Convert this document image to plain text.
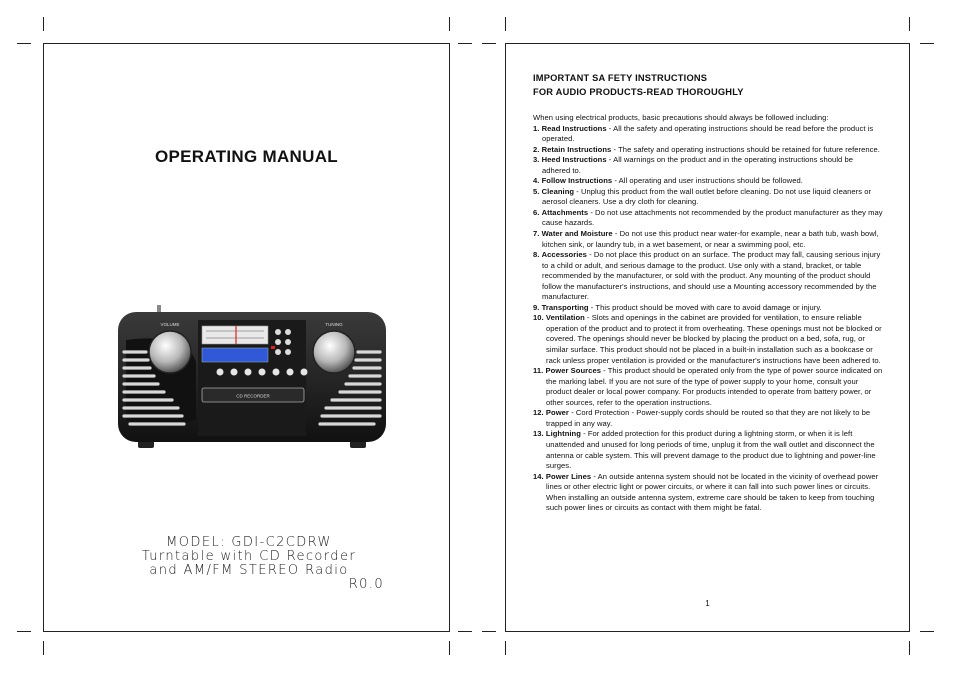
OPERATING MANUAL
VOLUME	TUNING
CD RECORDER
MODEL: GDI-C2CDRW
Turntable with CD Recorder
and AM/FM STEREO Radio
R0.0
IMPORTANT SA FETY INSTRUCTIONS
FOR AUDIO PRODUCTS-READ THOROUGHLY
When using electrical products, basic precautions should always be followed including:
1. Read Instructions - All the safety and operating instructions should be read before the product is operated.
2. Retain Instructions - The safety and operating instructions should be retained for future reference.
3. Heed Instructions - All warnings on the product and in the operating instructions should be adhered to.
4. Follow Instructions - All operating and user instructions should be followed.
5. Cleaning - Unplug this product from the wall outlet before cleaning. Do not use liquid cleaners or aerosol cleaners. Use a dry cloth for cleaning.
6. Attachments - Do not use attachments not recommended by the product manufacturer as they may cause hazards.
7. Water and Moisture - Do not use this product near water-for example, near a bath tub, wash bowl, kitchen sink, or laundry tub, in a wet basement, or near a swimming pool, etc.
8. Accessories - Do not place this product on an surface. The product may fall, causing serious injury to a child or adult, and serious damage to the product. Use only with a stand, bracket, or table recommended by the manufacturer, or sold with the product. Any mounting of the product should follow the manufacturer's instructions, and should use a Mounting accessory recommended by the manufacturer.
9. Transporting - This product should be moved with care to avoid damage or injury.
10. Ventilation - Slots and openings in the cabinet are provided for ventilation, to ensure reliable operation of the product and to protect it from overheating. These openings must not be blocked or covered. The openings should never be blocked by placing the product on a bed, sofa, rug, or similar surface. This product should not be placed in a built-in installation such as a bookcase or rack unless proper ventilation is provided or the manufacturer's instructions have been adhered to.
11. Power Sources - This product should be operated only from the type of power source indicated on the marking label. If you are not sure of the type of power supply to your home, consult your product dealer or local power company. For products intended to operate from battery power, or other sources, refer to the operation instructions.
12. Power - Cord Protection - Power-supply cords should be routed so that they are not likely to be trapped in any way.
13. Lightning - For added protection for this product during a lightning storm, or when it is left unattended and unused for long periods of time, unplug it from the wall outlet and disconnect the antenna or cable system. This will prevent damage to the product due to lightning and power-line surges.
14. Power Lines - An outside antenna system should not be located in the vicinity of overhead power lines or other electric light or power circuits, or where it can fall into such power lines or circuits. When installing an outside antenna system, extreme care should be taken to keep from touching such power lines or circuits as contact with them might be fatal.
1
